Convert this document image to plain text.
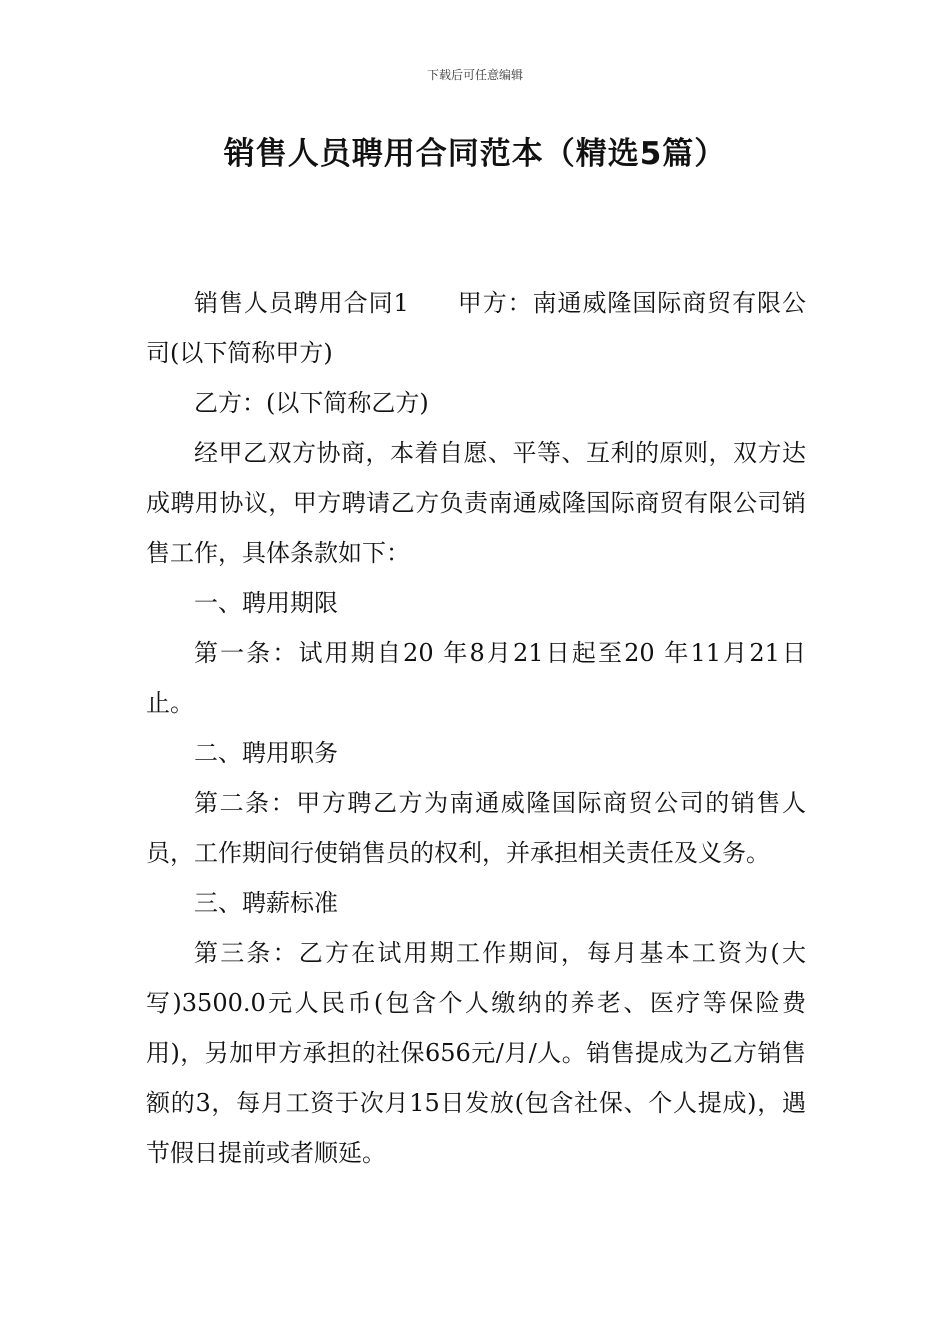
下载后可任意编辑
销售人员聘用合同范本（精选5篇）

销售人员聘用合同1 甲方：南通威隆国际商贸有限公司(以下简称甲方)

乙方：(以下简称乙方)

经甲乙双方协商，本着自愿、平等、互利的原则，双方达成聘用协议，甲方聘请乙方负责南通威隆国际商贸有限公司销售工作，具体条款如下：

一、聘用期限

第一条：试用期自20 年8月21日起至20 年11月21日止。

二、聘用职务

第二条：甲方聘乙方为南通威隆国际商贸公司的销售人员，工作期间行使销售员的权利，并承担相关责任及义务。

三、聘薪标准

第三条：乙方在试用期工作期间，每月基本工资为(大写)3500.0元人民币(包含个人缴纳的养老、医疗等保险费用)，另加甲方承担的社保656元/月/人。销售提成为乙方销售额的3，每月工资于次月15日发放(包含社保、个人提成)，遇节假日提前或者顺延。
